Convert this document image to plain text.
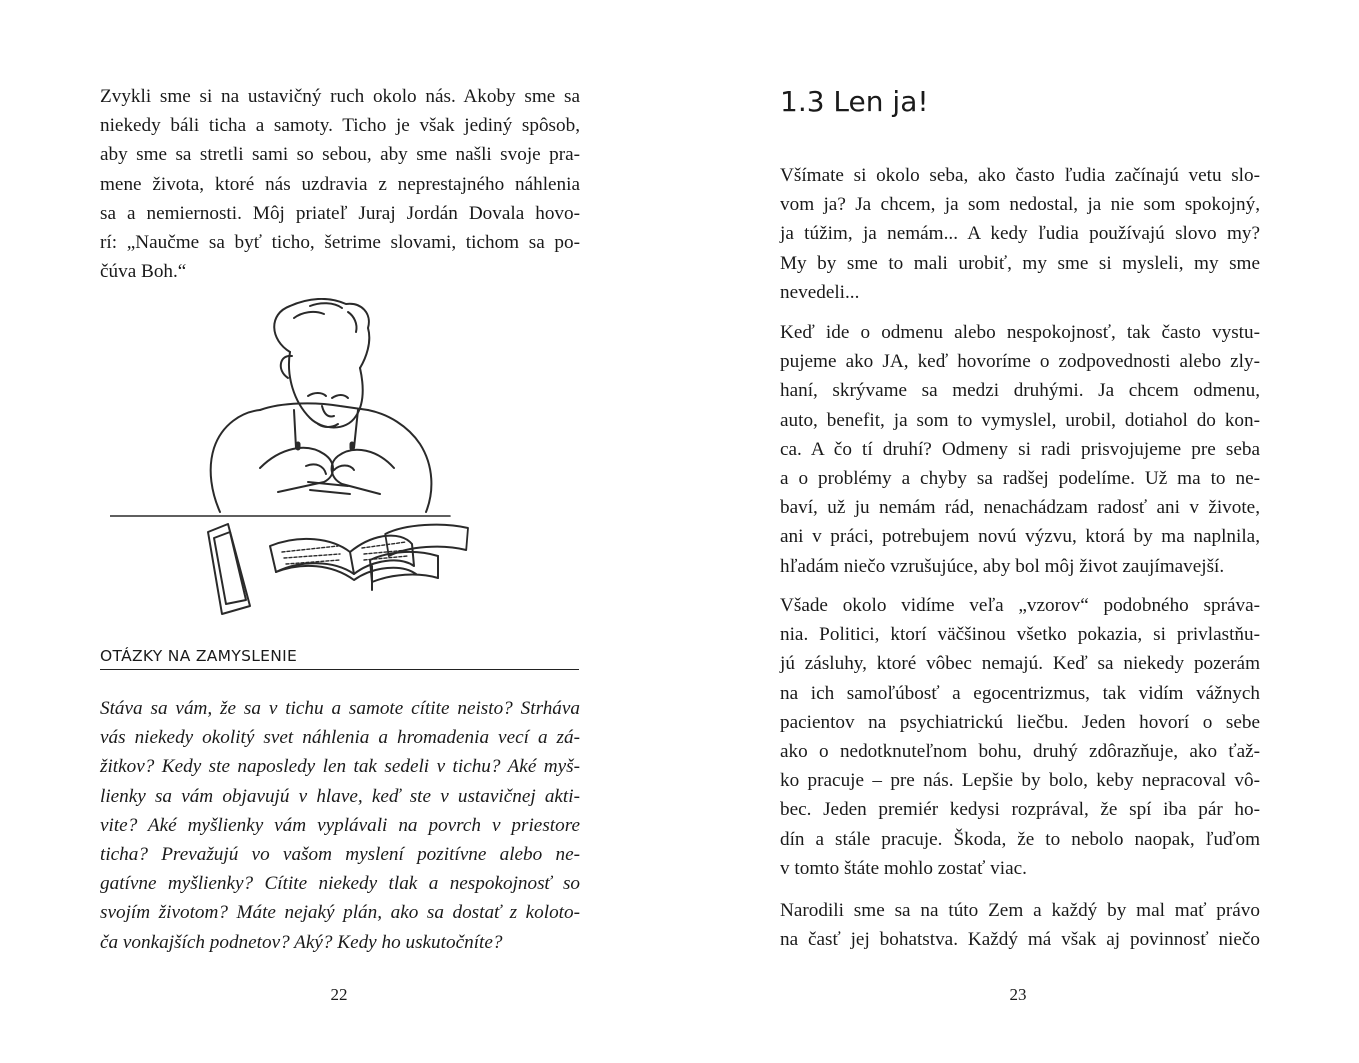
Zvykli sme si na ustavičný ruch okolo nás. Akoby sme sa
niekedy báli ticha a samoty. Ticho je však jediný spôsob,
aby sme sa stretli sami so sebou, aby sme našli svoje pra-
mene života, ktoré nás uzdravia z neprestajného náhlenia
sa a nemiernosti. Môj priateľ Juraj Jordán Dovala hovo-
rí: „Naučme sa byť ticho, šetrime slovami, tichom sa po-
čúva Boh.“

OTÁZKY NA ZAMYSLENIE

Stáva sa vám, že sa v tichu a samote cítite neisto? Strháva
vás niekedy okolitý svet náhlenia a hromadenia vecí a zá-
žitkov? Kedy ste naposledy len tak sedeli v tichu? Aké myš-
lienky sa vám objavujú v hlave, keď ste v ustavičnej akti-
vite? Aké myšlienky vám vyplávali na povrch v priestore
ticha? Prevažujú vo vašom myslení pozitívne alebo ne-
gatívne myšlienky? Cítite niekedy tlak a nespokojnosť so
svojím životom? Máte nejaký plán, ako sa dostať z koloto-
ča vonkajších podnetov? Aký? Kedy ho uskutočníte?

22
1.3 Len ja!

Všímate si okolo seba, ako často ľudia začínajú vetu slo-
vom ja? Ja chcem, ja som nedostal, ja nie som spokojný,
ja túžim, ja nemám... A kedy ľudia používajú slovo my?
My by sme to mali urobiť, my sme si mysleli, my sme
nevedeli...

Keď ide o odmenu alebo nespokojnosť, tak často vystu-
pujeme ako JA, keď hovoríme o zodpovednosti alebo zly-
haní, skrývame sa medzi druhými. Ja chcem odmenu,
auto, benefit, ja som to vymyslel, urobil, dotiahol do kon-
ca. A čo tí druhí? Odmeny si radi prisvojujeme pre seba
a o problémy a chyby sa radšej podelíme. Už ma to ne-
baví, už ju nemám rád, nenachádzam radosť ani v živote,
ani v práci, potrebujem novú výzvu, ktorá by ma naplnila,
hľadám niečo vzrušujúce, aby bol môj život zaujímavejší.

Všade okolo vidíme veľa „vzorov“ podobného správa-
nia. Politici, ktorí väčšinou všetko pokazia, si privlastňu-
jú zásluhy, ktoré vôbec nemajú. Keď sa niekedy pozerám
na ich samoľúbosť a egocentrizmus, tak vidím vážnych
pacientov na psychiatrickú liečbu. Jeden hovorí o sebe
ako o nedotknuteľnom bohu, druhý zdôrazňuje, ako ťaž-
ko pracuje – pre nás. Lepšie by bolo, keby nepracoval vô-
bec. Jeden premiér kedysi rozprával, že spí iba pár ho-
dín a stále pracuje. Škoda, že to nebolo naopak, ľuďom
v tomto štáte mohlo zostať viac.

Narodili sme sa na túto Zem a každý by mal mať právo
na časť jej bohatstva. Každý má však aj povinnosť niečo

23
